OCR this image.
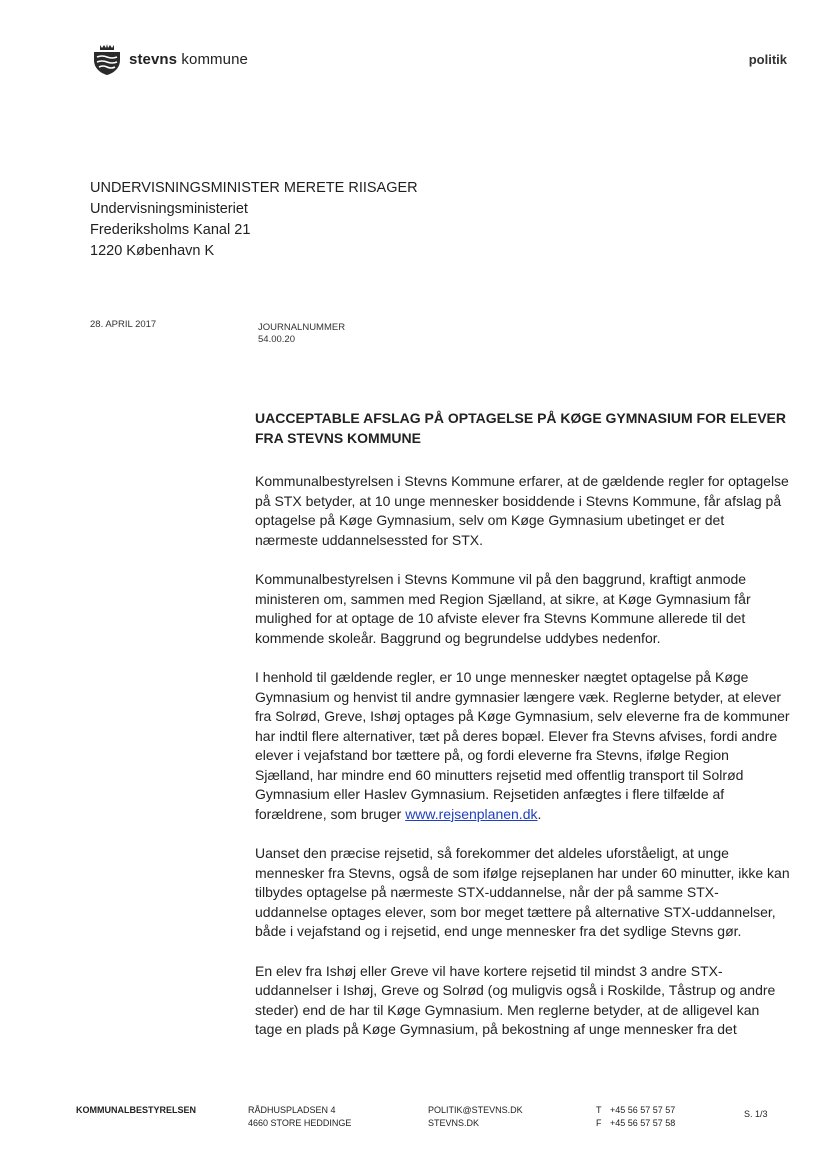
stevns kommune	politik
UNDERVISNINGSMINISTER MERETE RIISAGER
Undervisningsministeriet
Frederiksholms Kanal 21
1220 København K
28. APRIL 2017	JOURNALNUMMER
54.00.20

UACCEPTABLE AFSLAG PÅ OPTAGELSE PÅ KØGE GYMNASIUM FOR ELEVER FRA STEVNS KOMMUNE

Kommunalbestyrelsen i Stevns Kommune erfarer, at de gældende regler for optagelse på STX betyder, at 10 unge mennesker bosiddende i Stevns Kommune, får afslag på optagelse på Køge Gymnasium, selv om Køge Gymnasium ubetinget er det nærmeste uddannelsessted for STX.

Kommunalbestyrelsen i Stevns Kommune vil på den baggrund, kraftigt anmode ministeren om, sammen med Region Sjælland, at sikre, at Køge Gymnasium får mulighed for at optage de 10 afviste elever fra Stevns Kommune allerede til det kommende skoleår. Baggrund og begrundelse uddybes nedenfor.

I henhold til gældende regler, er 10 unge mennesker nægtet optagelse på Køge Gymnasium og henvist til andre gymnasier længere væk. Reglerne betyder, at elever fra Solrød, Greve, Ishøj optages på Køge Gymnasium, selv eleverne fra de kommuner har indtil flere alternativer, tæt på deres bopæl. Elever fra Stevns afvises, fordi andre elever i vejafstand bor tættere på, og fordi eleverne fra Stevns, ifølge Region Sjælland, har mindre end 60 minutters rejsetid med offentlig transport til Solrød Gymnasium eller Haslev Gymnasium. Rejsetiden anfægtes i flere tilfælde af forældrene, som bruger www.rejsenplanen.dk.

Uanset den præcise rejsetid, så forekommer det aldeles uforståeligt, at unge mennesker fra Stevns, også de som ifølge rejseplanen har under 60 minutter, ikke kan tilbydes optagelse på nærmeste STX-uddannelse, når der på samme STX-uddannelse optages elever, som bor meget tættere på alternative STX-uddannelser, både i vejafstand og i rejsetid, end unge mennesker fra det sydlige Stevns gør.

En elev fra Ishøj eller Greve vil have kortere rejsetid til mindst 3 andre STX-uddannelser i Ishøj, Greve og Solrød (og muligvis også i Roskilde, Tåstrup og andre steder) end de har til Køge Gymnasium. Men reglerne betyder, at de alligevel kan tage en plads på Køge Gymnasium, på bekostning af unge mennesker fra det

KOMMUNALBESTYRELSEN	RÅDHUSPLADSEN 4
4660 STORE HEDDINGE
POLITIK@STEVNS.DK
STEVNS.DK
T +45 56 57 57 57
F +45 56 57 57 58
S. 1/3
